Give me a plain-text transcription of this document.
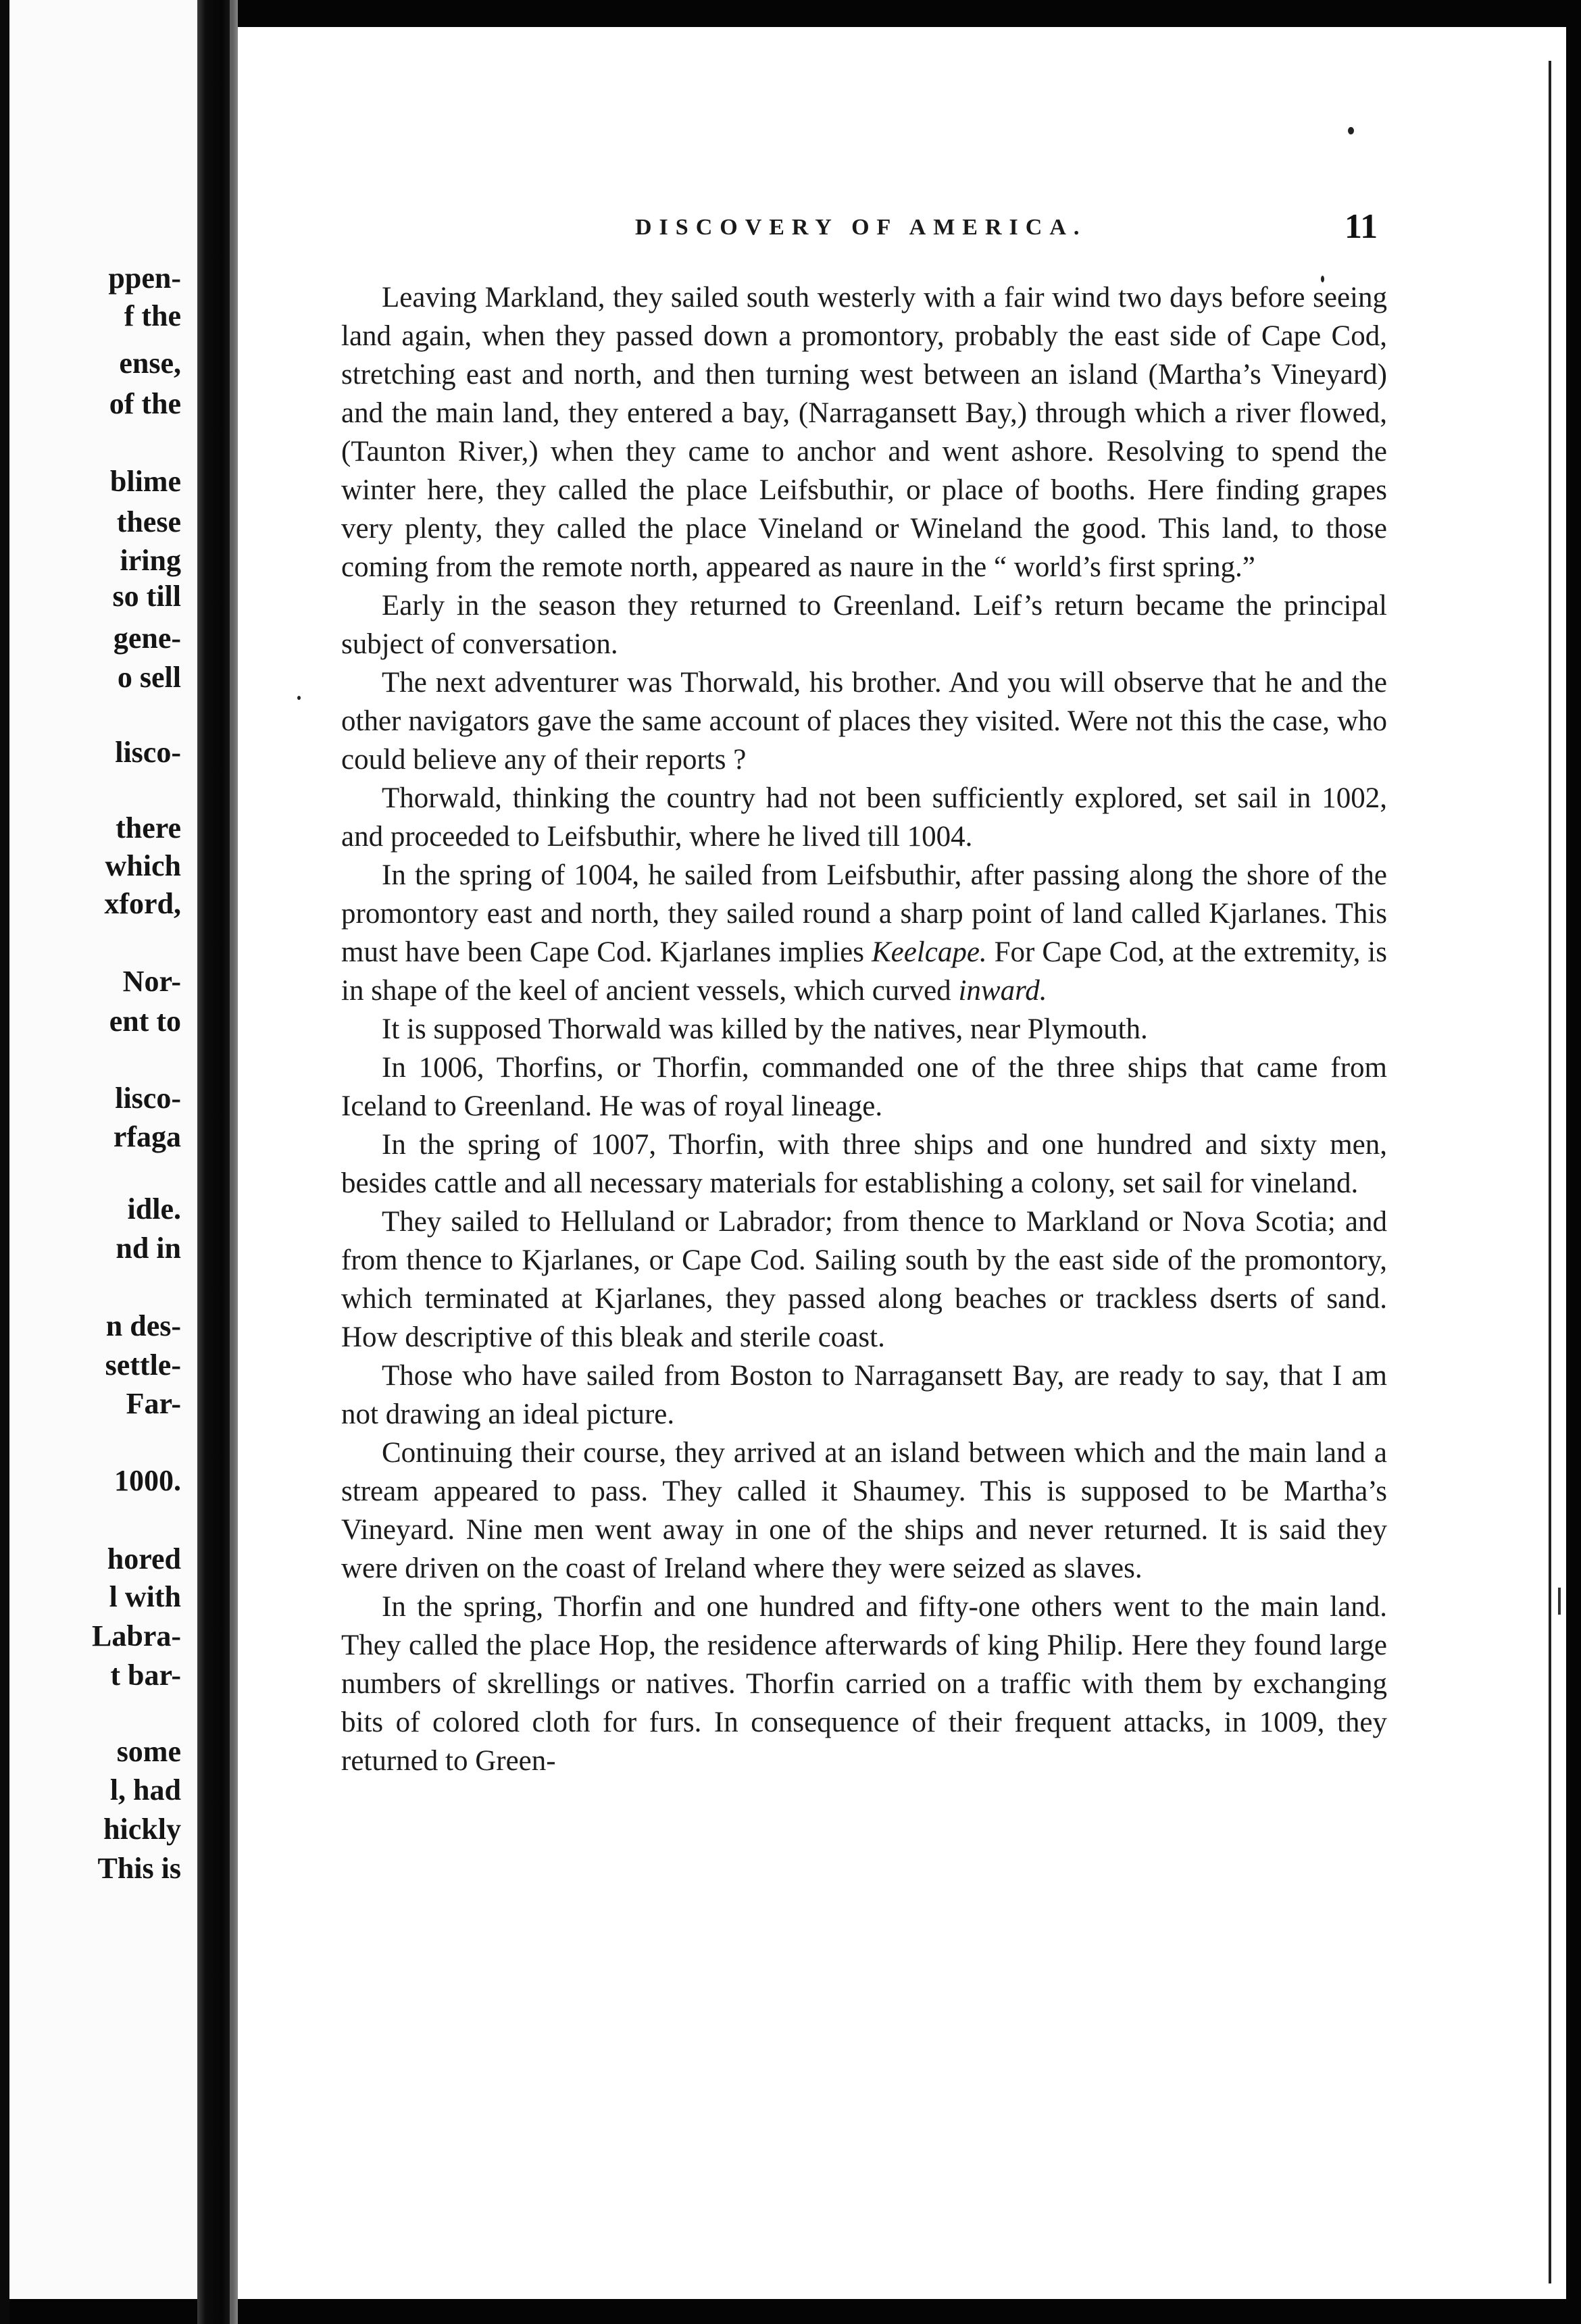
ppen-

f the

ense,

of the

blime

these

iring

so till

gene-

o sell

lisco-

there

which

xford,

Nor-

ent to

lisco-

rfaga

idle.

nd in

n des-

settle-

Far-

1000.

hored

l with

Labra-

t bar-

some

l, had

hickly

This is

DISCOVERY OF AMERICA.	11

Leaving Markland, they sailed south westerly with a fair wind two days before seeing land again, when they passed down a promontory, probably the east side of Cape Cod, stretching east and north, and then turning west between an island (Martha’s Vineyard) and the main land, they entered a bay, (Narragansett Bay,) through which a river flowed, (Taunton River,) when they came to anchor and went ashore. Resolving to spend the winter here, they called the place Leifsbuthir, or place of booths. Here finding grapes very plenty, they called the place Vineland or Wineland the good. This land, to those coming from the remote north, appeared as naure in the “ world’s first spring.”

Early in the season they returned to Greenland. Leif’s return became the principal subject of conversation.

The next adventurer was Thorwald, his brother. And you will observe that he and the other navigators gave the same account of places they visited. Were not this the case, who could believe any of their reports ?

Thorwald, thinking the country had not been sufficiently explored, set sail in 1002, and proceeded to Leifsbuthir, where he lived till 1004.

In the spring of 1004, he sailed from Leifsbuthir, after passing along the shore of the promontory east and north, they sailed round a sharp point of land called Kjarlanes. This must have been Cape Cod. Kjarlanes implies Keelcape. For Cape Cod, at the extremity, is in shape of the keel of ancient vessels, which curved inward.

It is supposed Thorwald was killed by the natives, near Plymouth.

In 1006, Thorfins, or Thorfin, commanded one of the three ships that came from Iceland to Greenland. He was of royal lineage.

In the spring of 1007, Thorfin, with three ships and one hundred and sixty men, besides cattle and all necessary materials for establishing a colony, set sail for vineland.

They sailed to Helluland or Labrador; from thence to Markland or Nova Scotia; and from thence to Kjarlanes, or Cape Cod. Sailing south by the east side of the promontory, which terminated at Kjarlanes, they passed along beaches or trackless dserts of sand. How descriptive of this bleak and sterile coast.

Those who have sailed from Boston to Narragansett Bay, are ready to say, that I am not drawing an ideal picture.

Continuing their course, they arrived at an island between which and the main land a stream appeared to pass. They called it Shaumey. This is supposed to be Martha’s Vineyard. Nine men went away in one of the ships and never returned. It is said they were driven on the coast of Ireland where they were seized as slaves.

In the spring, Thorfin and one hundred and fifty-one others went to the main land. They called the place Hop, the residence afterwards of king Philip. Here they found large numbers of skrellings or natives. Thorfin carried on a traffic with them by exchanging bits of colored cloth for furs. In consequence of their frequent attacks, in 1009, they returned to Green-
